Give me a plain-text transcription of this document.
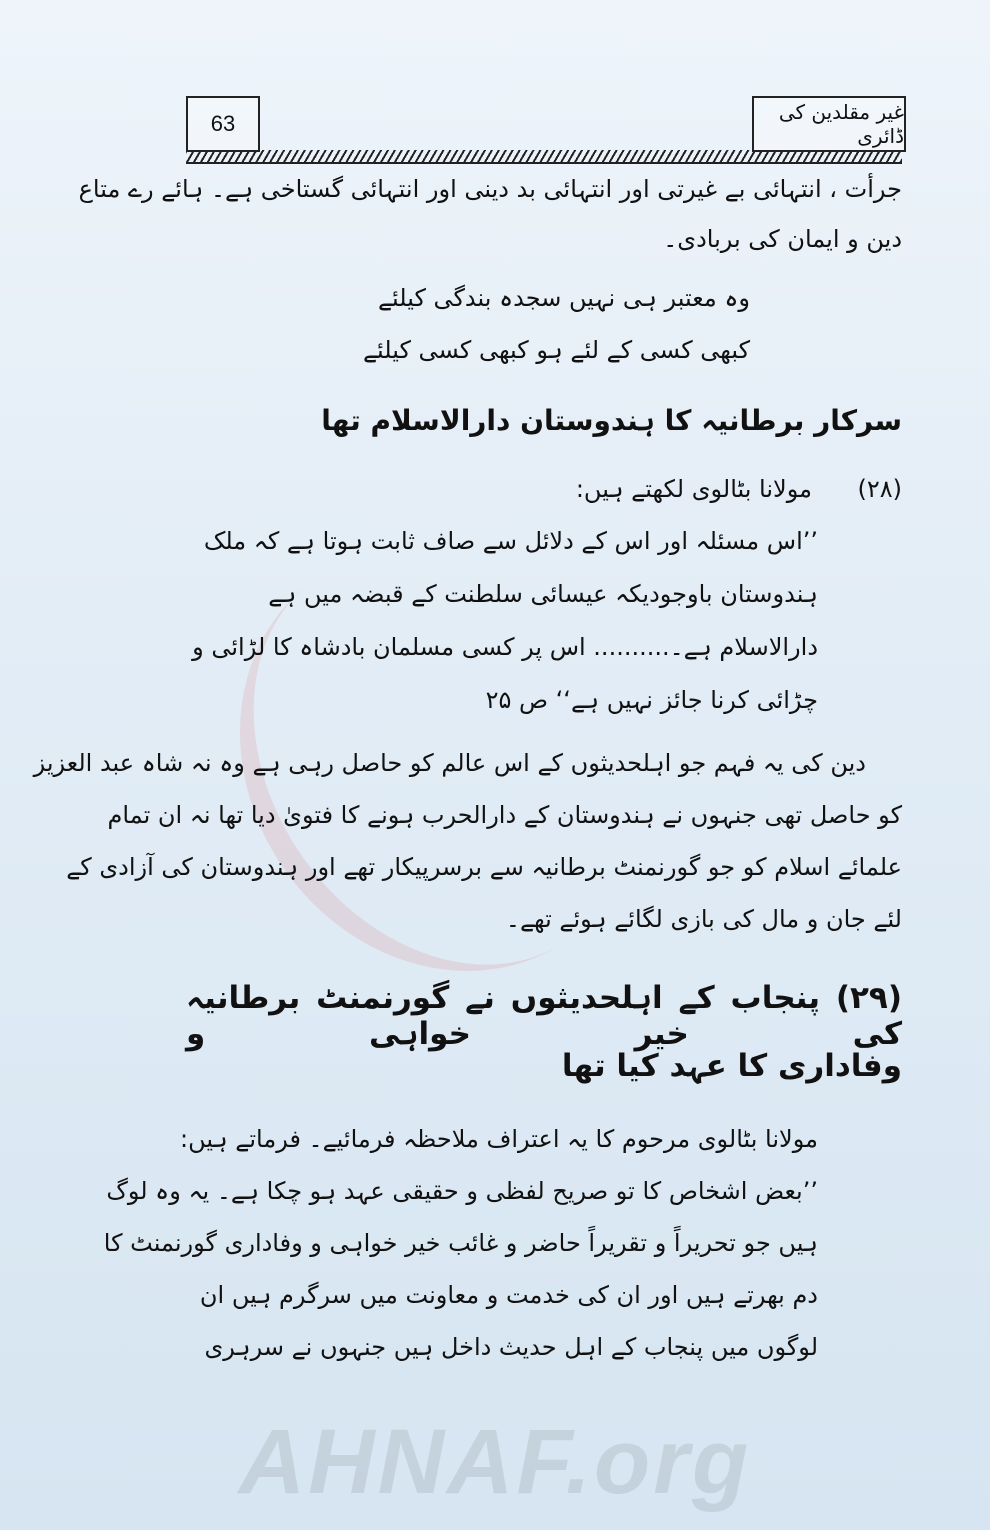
63	غیر مقلدین کی ڈائری
جرأت ، انتہائی بے غیرتی اور انتہائی بد دینی اور انتہائی گستاخی ہے۔ ہائے رے متاع
دین و ایمان کی بربادی۔
وہ معتبر ہی نہیں سجدہ بندگی کیلئے
کبھی کسی کے لئے ہو کبھی کسی کیلئے
سرکار برطانیہ کا ہندوستان دارالاسلام تھا
(۲۸)
مولانا بٹالوی لکھتے ہیں:
’’اس مسئلہ اور اس کے دلائل سے صاف ثابت ہوتا ہے کہ ملک
ہندوستان باوجودیکہ عیسائی سلطنت کے قبضہ میں ہے
دارالاسلام ہے۔.......... اس پر کسی مسلمان بادشاہ کا لڑائی و
چڑائی کرنا جائز نہیں ہے‘‘ ص ۲۵
دین کی یہ فہم جو اہلحدیثوں کے اس عالم کو حاصل رہی ہے وہ نہ شاہ عبد العزیز
کو حاصل تھی جنہوں نے ہندوستان کے دارالحرب ہونے کا فتویٰ دیا تھا نہ ان تمام
علمائے اسلام کو جو گورنمنٹ برطانیہ سے برسرپیکار تھے اور ہندوستان کی آزادی کے
لئے جان و مال کی بازی لگائے ہوئے تھے۔
(۲۹) پنجاب کے اہلحدیثوں نے گورنمنٹ برطانیہ کی خیر خواہی و
وفاداری کا عہد کیا تھا
مولانا بٹالوی مرحوم کا یہ اعتراف ملاحظہ فرمائیے۔ فرماتے ہیں:
’’بعض اشخاص کا تو صریح لفظی و حقیقی عہد ہو چکا ہے۔ یہ وہ لوگ
ہیں جو تحریراً و تقریراً حاضر و غائب خیر خواہی و وفاداری گورنمنٹ کا
دم بھرتے ہیں اور ان کی خدمت و معاونت میں سرگرم ہیں ان
لوگوں میں پنجاب کے اہل حدیث داخل ہیں جنہوں نے سرہری
AHNAF.org
